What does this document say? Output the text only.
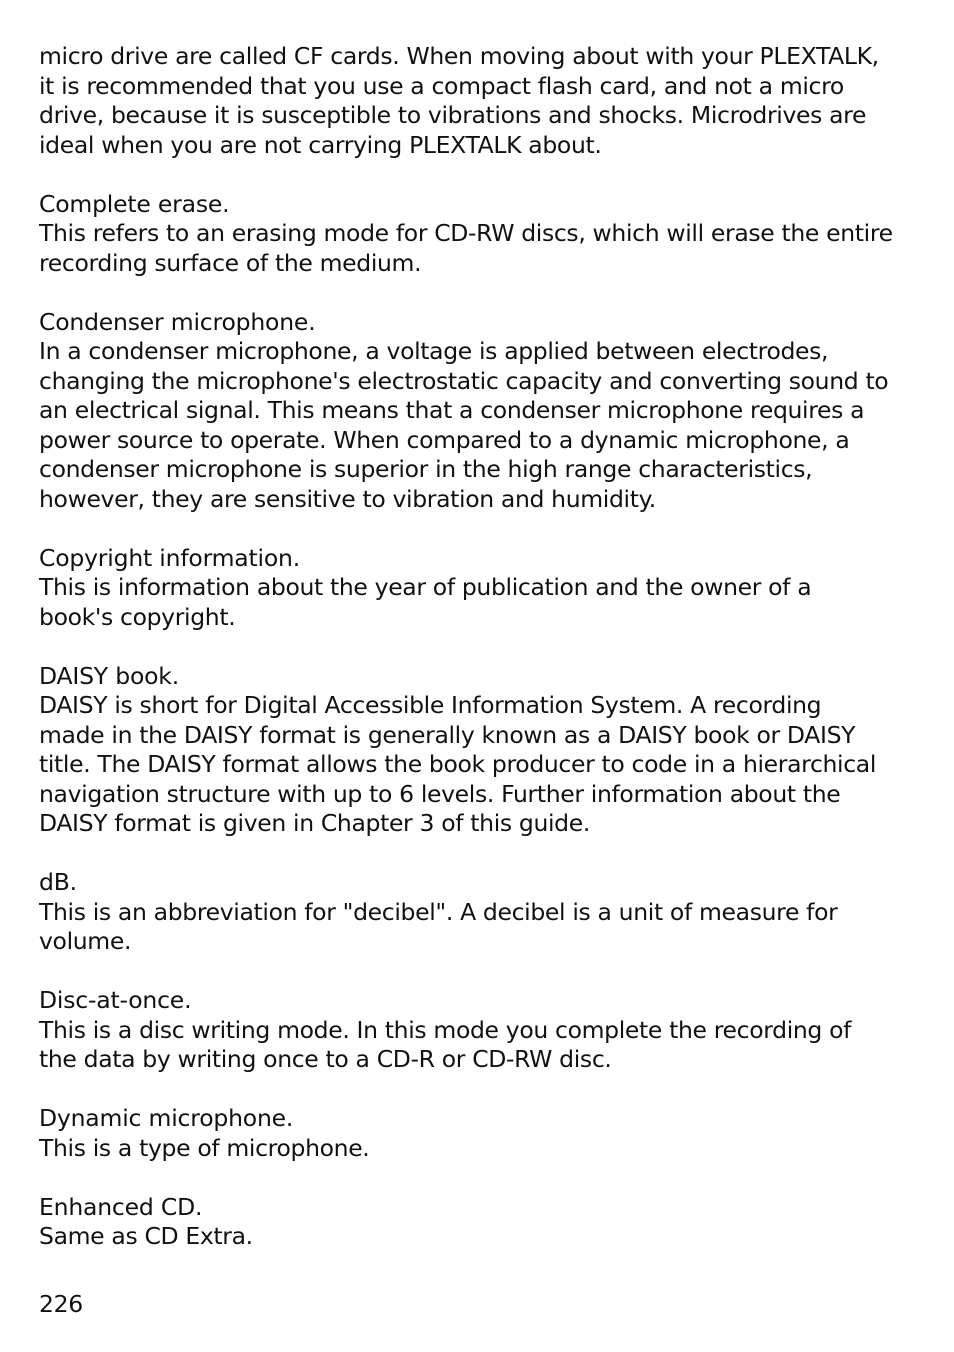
micro drive are called CF cards. When moving about with your PLEXTALK,
it is recommended that you use a compact flash card, and not a micro
drive, because it is susceptible to vibrations and shocks. Microdrives are
ideal when you are not carrying PLEXTALK about.
Complete erase.
This refers to an erasing mode for CD-RW discs, which will erase the entire
recording surface of the medium.
Condenser microphone.
In a condenser microphone, a voltage is applied between electrodes,
changing the microphone's electrostatic capacity and converting sound to
an electrical signal. This means that a condenser microphone requires a
power source to operate. When compared to a dynamic microphone, a
condenser microphone is superior in the high range characteristics,
however, they are sensitive to vibration and humidity.
Copyright information.
This is information about the year of publication and the owner of a
book's copyright.
DAISY book.
DAISY is short for Digital Accessible Information System. A recording
made in the DAISY format is generally known as a DAISY book or DAISY
title. The DAISY format allows the book producer to code in a hierarchical
navigation structure with up to 6 levels. Further information about the
DAISY format is given in Chapter 3 of this guide.
dB.
This is an abbreviation for "decibel". A decibel is a unit of measure for
volume.
Disc-at-once.
This is a disc writing mode. In this mode you complete the recording of
the data by writing once to a CD-R or CD-RW disc.
Dynamic microphone.
This is a type of microphone.
Enhanced CD.
Same as CD Extra.
226
